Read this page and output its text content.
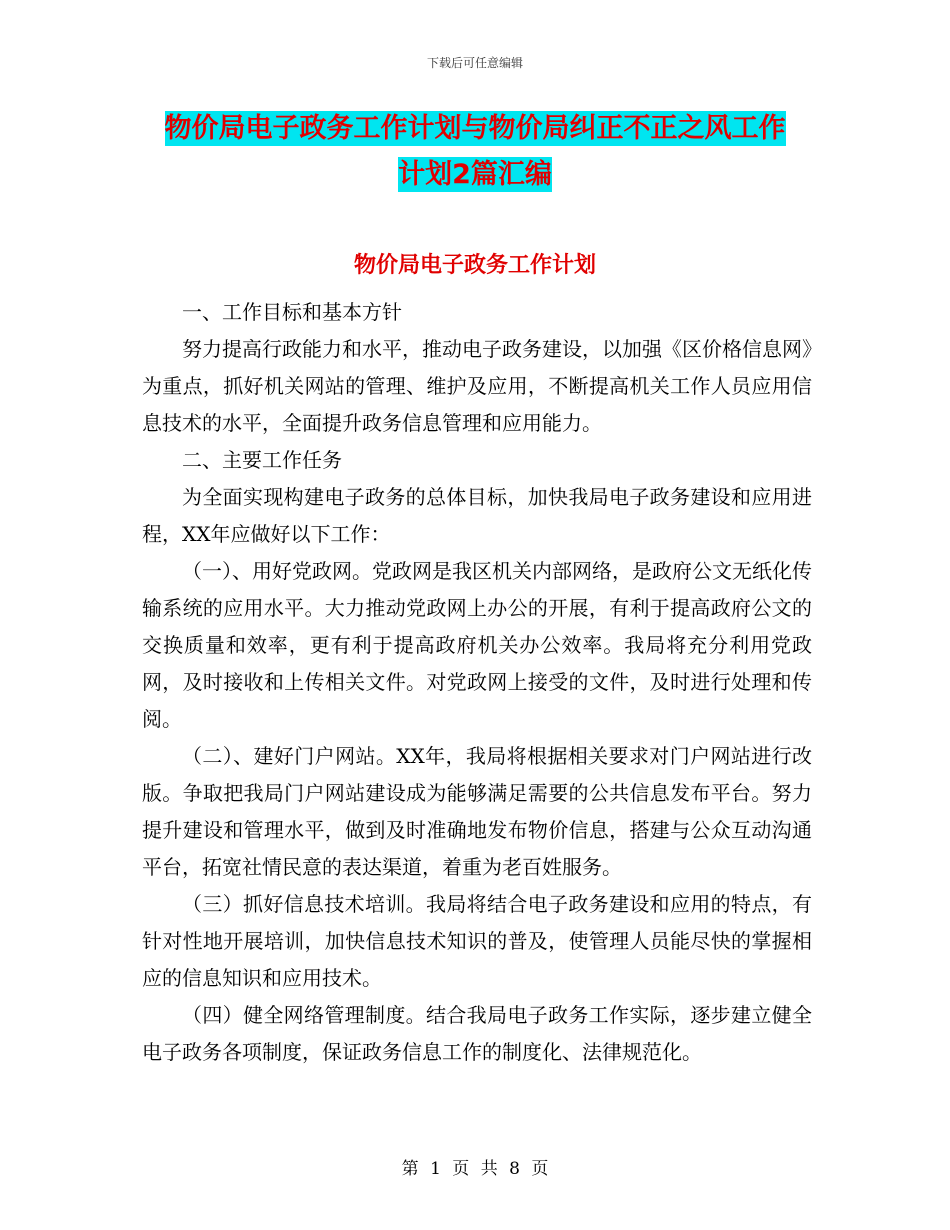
下载后可任意编辑
物价局电子政务工作计划与物价局纠正不正之风工作
计划2篇汇编
物价局电子政务工作计划

一、工作目标和基本方针

努力提高行政能力和水平，推动电子政务建设，以加强《区价格信息网》为重点，抓好机关网站的管理、维护及应用，不断提高机关工作人员应用信息技术的水平，全面提升政务信息管理和应用能力。

二、主要工作任务

为全面实现构建电子政务的总体目标，加快我局电子政务建设和应用进程，XX年应做好以下工作：

（一）、用好党政网。党政网是我区机关内部网络，是政府公文无纸化传输系统的应用水平。大力推动党政网上办公的开展，有利于提高政府公文的交换质量和效率，更有利于提高政府机关办公效率。我局将充分利用党政网，及时接收和上传相关文件。对党政网上接受的文件，及时进行处理和传阅。

（二）、建好门户网站。XX年，我局将根据相关要求对门户网站进行改版。争取把我局门户网站建设成为能够满足需要的公共信息发布平台。努力提升建设和管理水平，做到及时准确地发布物价信息，搭建与公众互动沟通平台，拓宽社情民意的表达渠道，着重为老百姓服务。

（三）抓好信息技术培训。我局将结合电子政务建设和应用的特点，有针对性地开展培训，加快信息技术知识的普及，使管理人员能尽快的掌握相应的信息知识和应用技术。

（四）健全网络管理制度。结合我局电子政务工作实际，逐步建立健全电子政务各项制度，保证政务信息工作的制度化、法律规范化。

第 1 页 共 8 页
